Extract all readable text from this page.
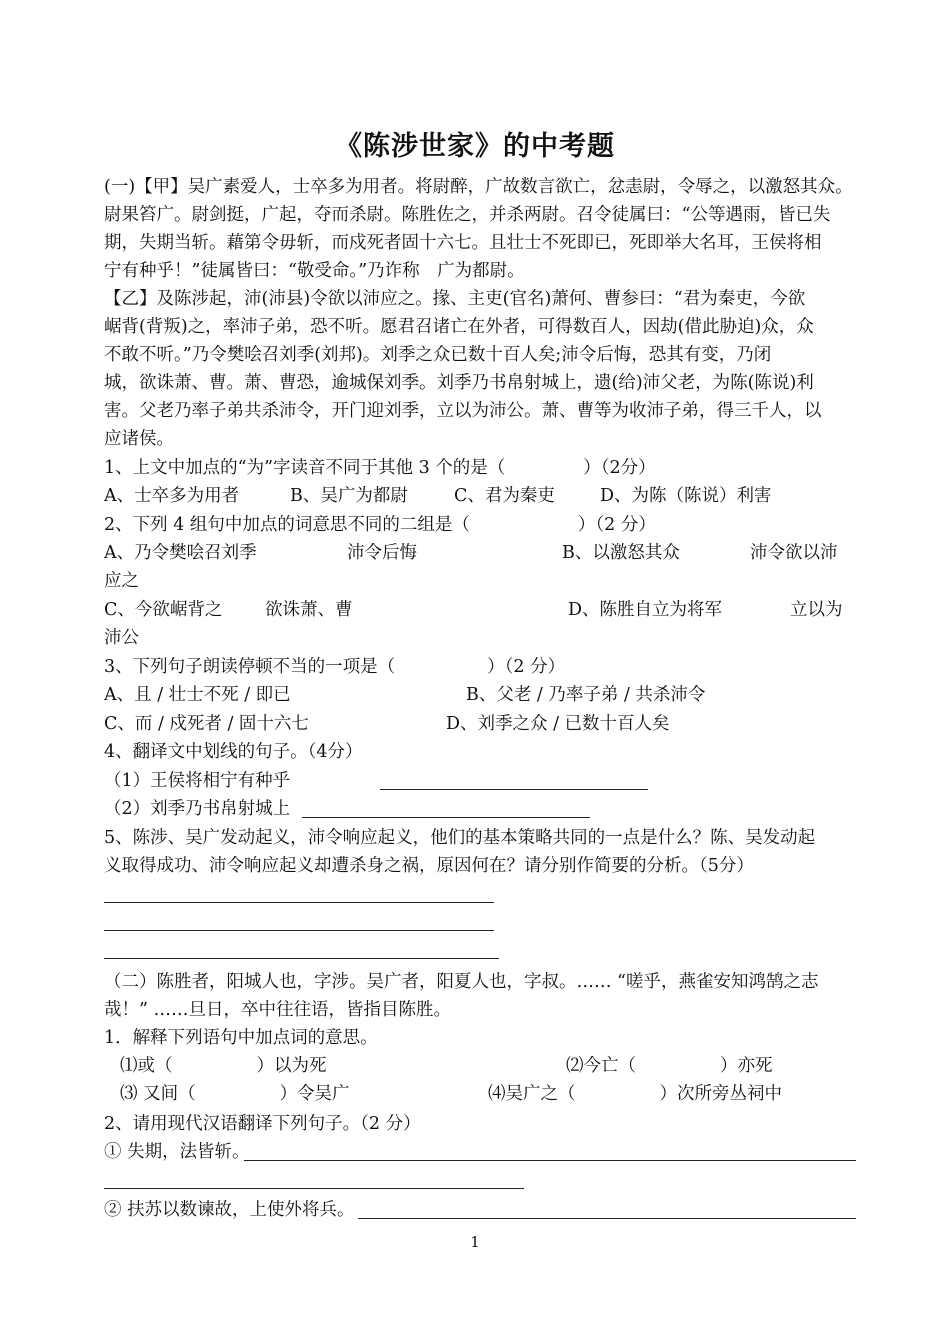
《陈涉世家》的中考题
(一)【甲】吴广素爱人，士卒多为用者。将尉醉，广故数言欲亡，忿恚尉，令辱之，以激怒其众。
尉果笞广。尉剑挺，广起，夺而杀尉。陈胜佐之，并杀两尉。召令徒属曰：“公等遇雨，皆已失
期，失期当斩。藉第令毋斩，而戍死者固十六七。且壮士不死即已，死即举大名耳，王侯将相
宁有种乎！”徒属皆曰：“敬受命。”乃诈称　广为都尉。
【乙】及陈涉起，沛(沛县)令欲以沛应之。掾、主吏(官名)萧何、曹参曰：“君为秦吏，今欲
崌背(背叛)之，率沛子弟，恐不听。愿君召诸亡在外者，可得数百人，因劫(借此胁迫)众，众
不敢不听。”乃令樊哙召刘季(刘邦)。刘季之众已数十百人矣;沛令后悔，恐其有变，乃闭
城，欲诛萧、曹。萧、曹恐，逾城保刘季。刘季乃书帛射城上，遗(给)沛父老，为陈(陈说)利
害。父老乃率子弟共杀沛令，开门迎刘季，立以为沛公。萧、曹等为收沛子弟，得三千人，以
应诸侯。
1、上文中加点的“为”字读音不同于其他 3 个的是（	）（2分）
A、士卒多为用者	B、吴广为都尉	C、君为秦吏	D、为陈（陈说）利害
2、下列 4 组句中加点的词意思不同的二组是（	）（2 分）
A、乃令樊哙召刘季	沛令后悔	B、以激怒其众	沛令欲以沛
应之
C、今欲崌背之 欲诛萧、曹	D、陈胜自立为将军	立以为
沛公
3、下列句子朗读停顿不当的一项是（	）（2 分）
A、且 / 壮士不死 / 即已	B、父老 / 乃率子弟 / 共杀沛令
C、而 / 戍死者 / 固十六七	D、刘季之众 / 已数十百人矣
4、翻译文中划线的句子。（4分）
（1）王侯将相宁有种乎
（2）刘季乃书帛射城上
5、陈涉、吴广发动起义，沛令响应起义，他们的基本策略共同的一点是什么？陈、吴发动起
义取得成功、沛令响应起义却遭杀身之祸，原因何在？请分别作简要的分析。（5分）
（二）陈胜者，阳城人也，字涉。吴广者，阳夏人也，字叔。…… “嗟乎，燕雀安知鸿鹄之志
哉！” ……旦日，卒中往往语，皆指目陈胜。
1．解释下列语句中加点词的意思。
⑴或（	）以为死	⑵今亡（	）亦死
⑶ 又间（	）令吴广	⑷吴广之（	）次所旁丛祠中
2、请用现代汉语翻译下列句子。（2 分）
① 失期，法皆斩。
② 扶苏以数谏故，上使外将兵。
1
